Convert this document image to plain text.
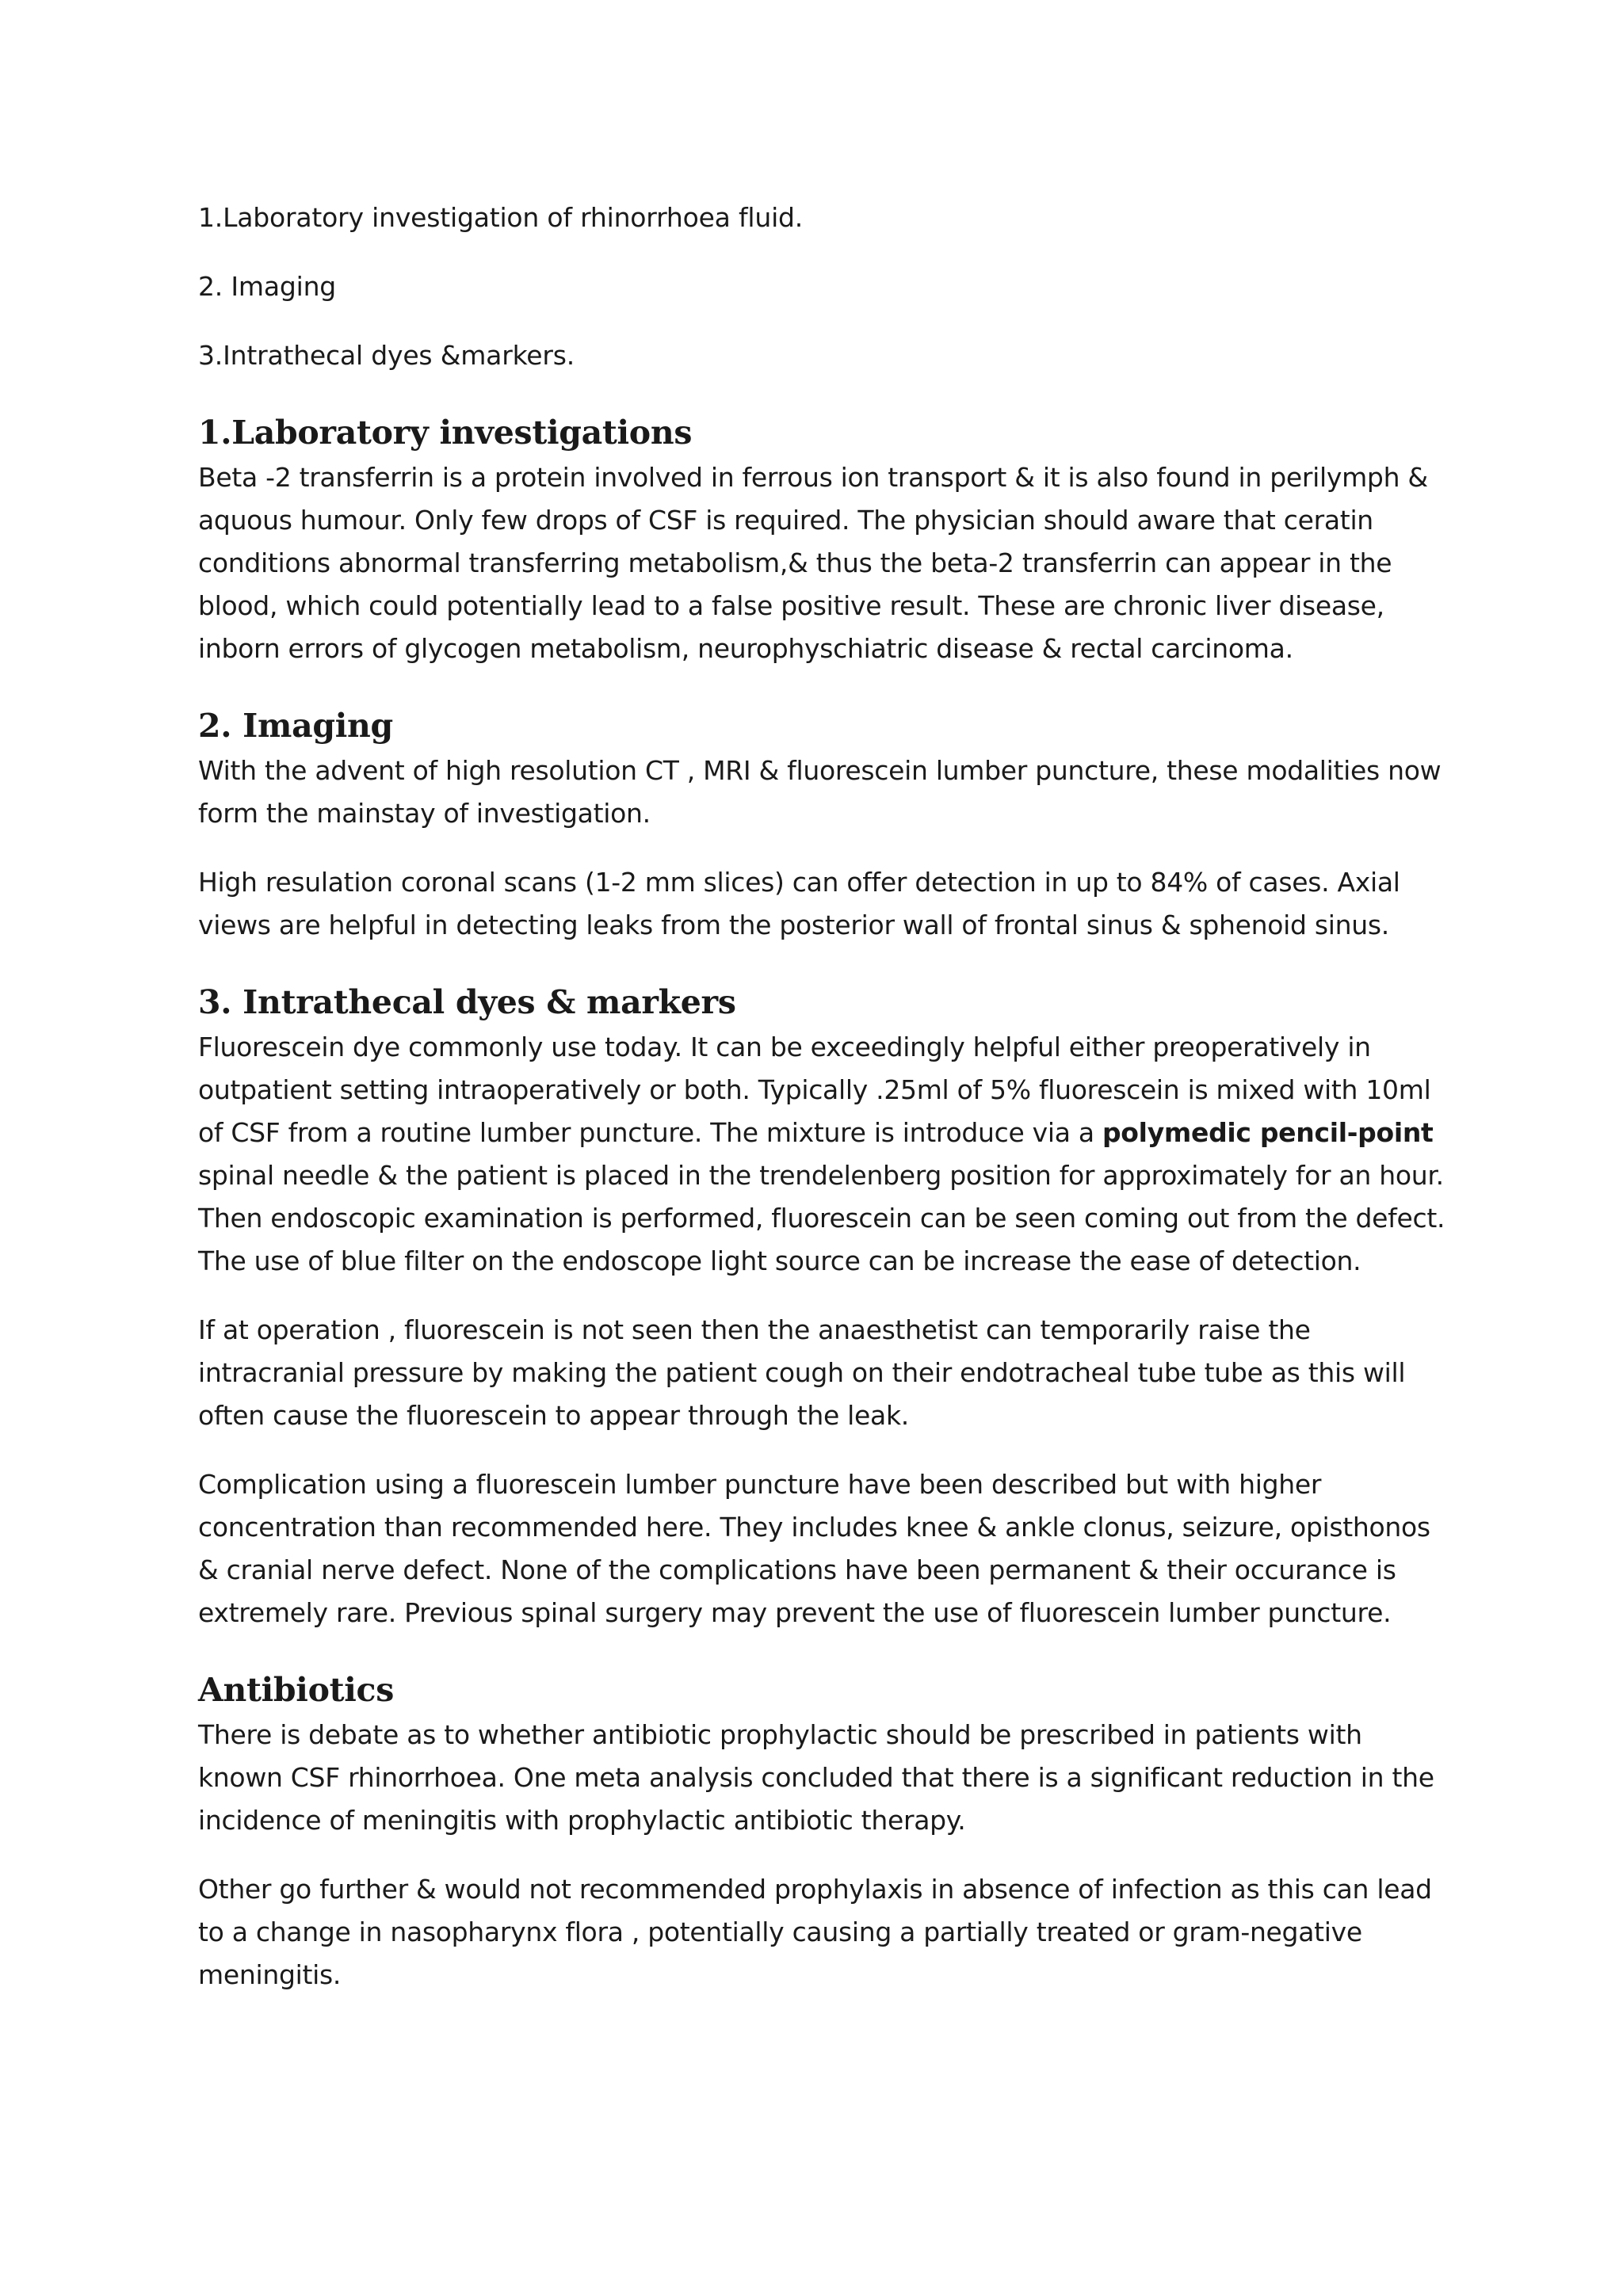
1.Laboratory investigation of rhinorrhoea fluid.
2. Imaging
3.Intrathecal dyes &markers.
1.Laboratory investigations

Beta -2 transferrin is a protein involved in ferrous ion transport & it is also found in perilymph & aquous humour. Only few drops of CSF is required. The physician should aware that ceratin conditions abnormal transferring metabolism,& thus the beta-2 transferrin can appear in the blood, which could potentially lead to a false positive result. These are chronic liver disease, inborn errors of glycogen metabolism, neurophyschiatric disease & rectal carcinoma.

2. Imaging

With the advent of high resolution CT , MRI & fluorescein lumber puncture, these modalities now form the mainstay of investigation.

High resulation coronal scans (1-2 mm slices) can offer detection in up to 84% of cases. Axial views are helpful in detecting leaks from the posterior wall of frontal sinus & sphenoid sinus.

3. Intrathecal dyes & markers

Fluorescein dye commonly use today. It can be exceedingly helpful either preoperatively in outpatient setting intraoperatively or both. Typically .25ml of 5% fluorescein is mixed with 10ml of CSF from a routine lumber puncture. The mixture is introduce via a polymedic pencil-point spinal needle & the patient is placed in the trendelenberg position for approximately for an hour. Then endoscopic examination is performed, fluorescein can be seen coming out from the defect. The use of blue filter on the endoscope light source can be increase the ease of detection.

If at operation , fluorescein is not seen then the anaesthetist can temporarily raise the intracranial pressure by making the patient cough on their endotracheal tube tube as this will often cause the fluorescein to appear through the leak.

Complication using a fluorescein lumber puncture have been described but with higher concentration than recommended here. They includes knee & ankle clonus, seizure, opisthonos & cranial nerve defect. None of the complications have been permanent & their occurance is extremely rare. Previous spinal surgery may prevent the use of fluorescein lumber puncture.

Antibiotics

There is debate as to whether antibiotic prophylactic should be prescribed in patients with known CSF rhinorrhoea. One meta analysis concluded that there is a significant reduction in the incidence of meningitis with prophylactic antibiotic therapy.

Other go further & would not recommended prophylaxis in absence of infection as this can lead to a change in nasopharynx flora , potentially causing a partially treated or gram-negative meningitis.
